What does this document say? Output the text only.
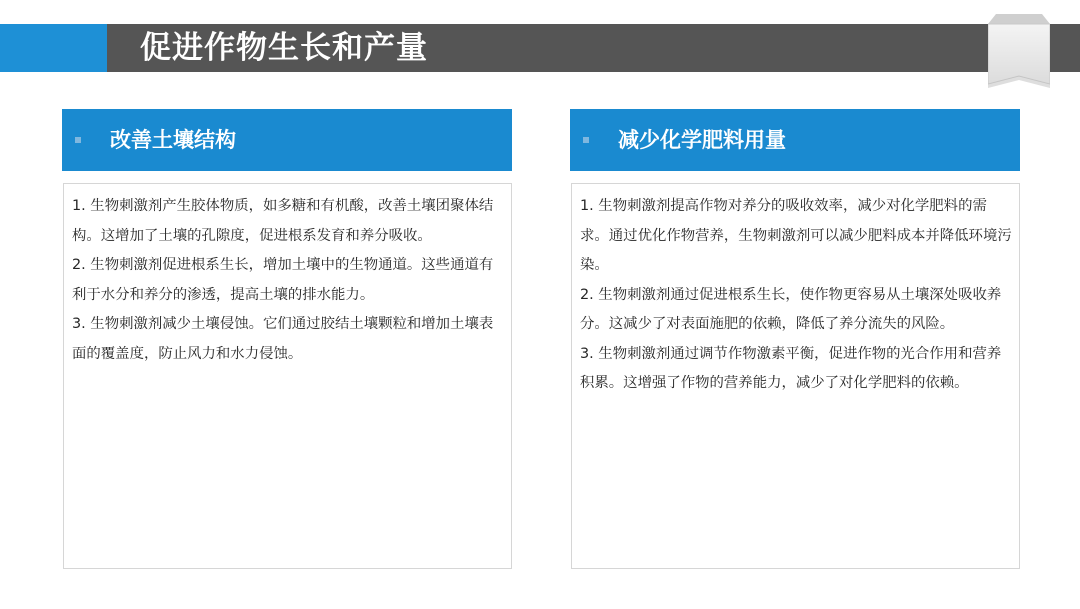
促进作物生长和产量
改善土壤结构

1. 生物刺激剂产生胶体物质，如多糖和有机酸，改善土壤团聚体结构。这增加了土壤的孔隙度，促进根系发育和养分吸收。

2. 生物刺激剂促进根系生长，增加土壤中的生物通道。这些通道有利于水分和养分的渗透，提高土壤的排水能力。

3. 生物刺激剂减少土壤侵蚀。它们通过胶结土壤颗粒和增加土壤表面的覆盖度，防止风力和水力侵蚀。

减少化学肥料用量

1. 生物刺激剂提高作物对养分的吸收效率，减少对化学肥料的需求。通过优化作物营养，生物刺激剂可以减少肥料成本并降低环境污染。

2. 生物刺激剂通过促进根系生长，使作物更容易从土壤深处吸收养分。这减少了对表面施肥的依赖，降低了养分流失的风险。

3. 生物刺激剂通过调节作物激素平衡，促进作物的光合作用和营养积累。这增强了作物的营养能力，减少了对化学肥料的依赖。
